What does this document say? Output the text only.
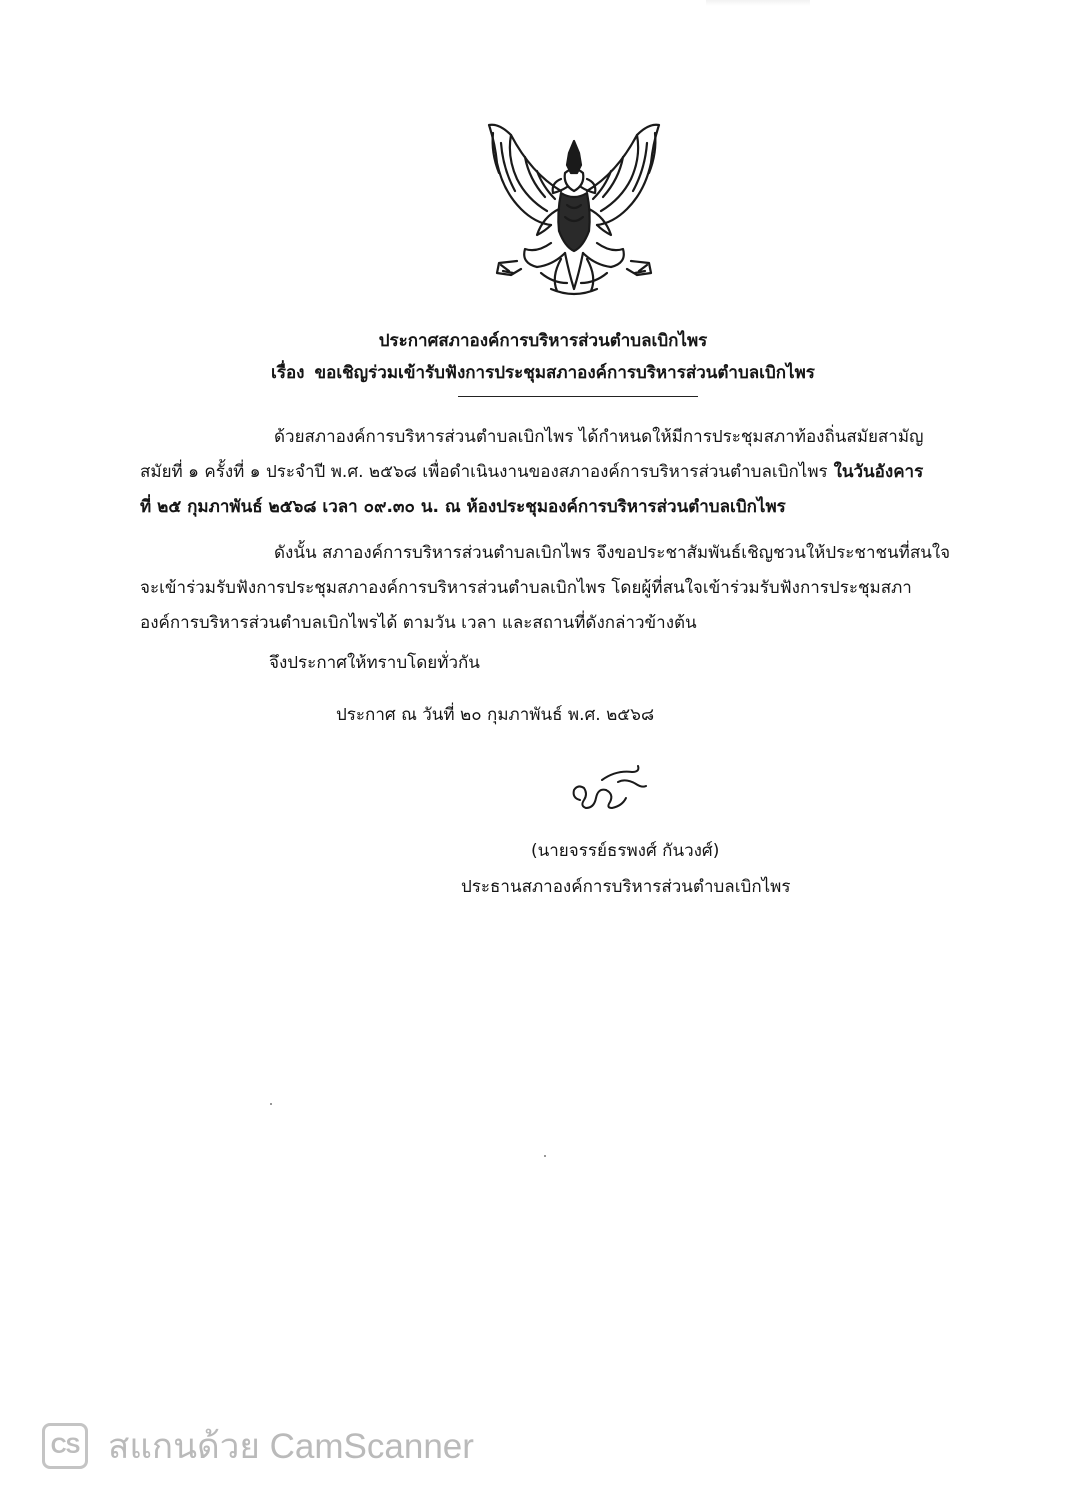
ประกาศสภาองค์การบริหารส่วนตำบลเบิกไพร
เรื่อง ขอเชิญร่วมเข้ารับฟังการประชุมสภาองค์การบริหารส่วนตำบลเบิกไพร
ด้วยสภาองค์การบริหารส่วนตำบลเบิกไพร ได้กำหนดให้มีการประชุมสภาท้องถิ่นสมัยสามัญ
สมัยที่ ๑ ครั้งที่ ๑ ประจำปี พ.ศ. ๒๕๖๘ เพื่อดำเนินงานของสภาองค์การบริหารส่วนตำบลเบิกไพร ในวันอังคาร
ที่ ๒๕ กุมภาพันธ์ ๒๕๖๘ เวลา ๐๙.๓๐ น. ณ ห้องประชุมองค์การบริหารส่วนตำบลเบิกไพร
ดังนั้น สภาองค์การบริหารส่วนตำบลเบิกไพร จึงขอประชาสัมพันธ์เชิญชวนให้ประชาชนที่สนใจ
จะเข้าร่วมรับฟังการประชุมสภาองค์การบริหารส่วนตำบลเบิกไพร โดยผู้ที่สนใจเข้าร่วมรับฟังการประชุมสภา
องค์การบริหารส่วนตำบลเบิกไพรได้ ตามวัน เวลา และสถานที่ดังกล่าวข้างต้น
จึงประกาศให้ทราบโดยทั่วกัน
ประกาศ ณ วันที่ ๒๐ กุมภาพันธ์ พ.ศ. ๒๕๖๘
(นายจรรย์ธรพงศ์ กันวงศ์)
ประธานสภาองค์การบริหารส่วนตำบลเบิกไพร
CS สแกนด้วย CamScanner
